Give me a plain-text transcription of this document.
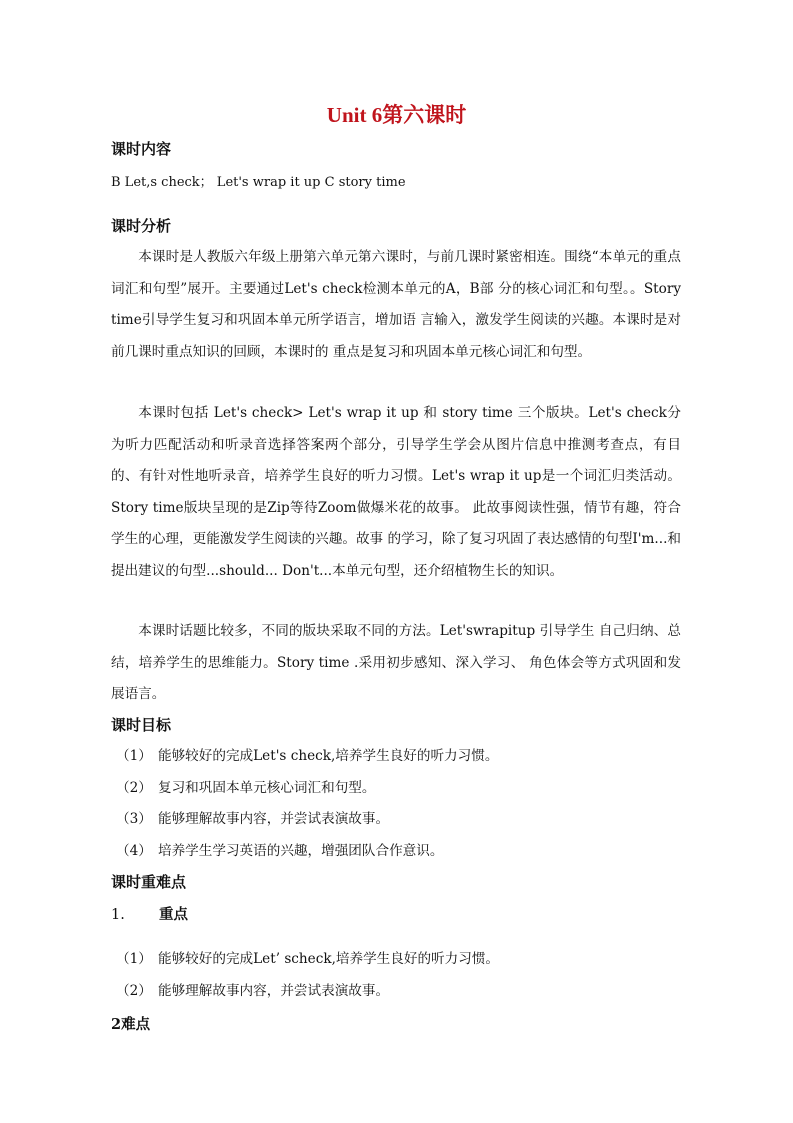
Unit 6第六课时
课时内容
B Let,s check； Let's wrap it up C story time
课时分析

本课时是人教版六年级上册第六单元第六课时，与前几课时紧密相连。围绕“本单元的重点词汇和句型”展开。主要通过Let's check检测本单元的A，B部 分的核心词汇和句型。。Story time引导学生复习和巩固本单元所学语言，增加语 言输入，激发学生阅读的兴趣。本课时是对前几课时重点知识的回顾，本课时的 重点是复习和巩固本单元核心词汇和句型。

本课时包括 Let's check> Let's wrap it up 和 story time 三个版块。Let's check分为听力匹配活动和听录音选择答案两个部分，引导学生学会从图片信息中推测考查点，有目的、有针对性地听录音，培养学生良好的听力习惯。Let's wrap it up是一个词汇归类活动。Story time版块呈现的是Zip等待Zoom做爆米花的故事。 此故事阅读性强，情节有趣，符合学生的心理，更能激发学生阅读的兴趣。故事 的学习，除了复习巩固了表达感情的句型I'm...和提出建议的句型...should... Don't...本单元句型，还介绍植物生长的知识。

本课时话题比较多，不同的版块采取不同的方法。Let'swrapitup 引导学生 自己归纳、总结，培养学生的思维能力。Story time .采用初步感知、深入学习、 角色体会等方式巩固和发展语言。

课时目标
（1） 能够较好的完成Let's check,培养学生良好的听力习惯。
（2） 复习和巩固本单元核心词汇和句型。
（3） 能够理解故事内容，并尝试表演故事。
（4） 培养学生学习英语的兴趣，增强团队合作意识。
课时重难点
1. 重点
（1） 能够较好的完成Let’ scheck,培养学生良好的听力习惯。
（2） 能够理解故事内容，并尝试表演故事。
2难点
